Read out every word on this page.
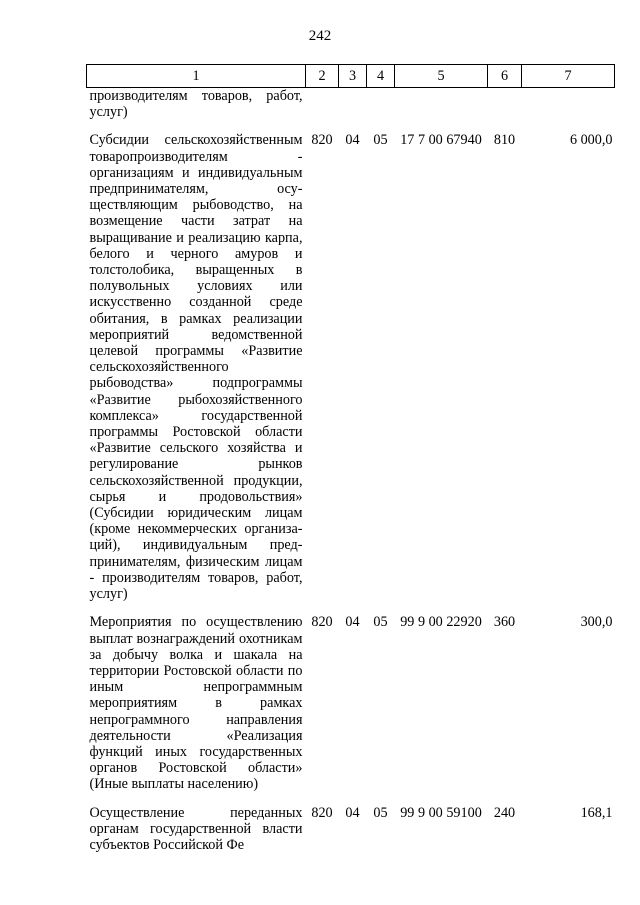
242
1	2	3	4	5	6	7
производителям товаров, работ, услуг)						

Субсидии сельскохозяйственным товаропроизводителям - организациям и индивидуальным предпринимателям, осуществляющим рыбоводство, на возмещение части затрат на выращивание и реализацию карпа, белого и черного амуров и толстолобика, выращенных в полувольных условиях или искусственно созданной среде обитания, в рамках реализации мероприятий ведомственной целевой программы «Развитие сельскохозяйственного рыбоводства» подпрограммы «Развитие рыбохозяйственного комплекса» государственной программы Ростовской области «Развитие сельского хозяйства и регулирование рынков сельскохозяйственной продукции, сырья и продовольствия» (Субсидии юридическим лицам (кроме некоммерческих организаций), индивидуальным предпринимателям, физическим лицам - производителям товаров, работ, услуг)	820	04	05	17 7 00 67940	810	6 000,0

Мероприятия по осуществлению выплат вознаграждений охотникам за добычу волка и шакала на территории Ростовской области по иным непрограммным мероприятиям в рамках непрограммного направления деятельности «Реализация функций иных государственных органов Ростовской области» (Иные выплаты населению)	820	04	05	99 9 00 22920	360	300,0

Осуществление переданных органам государственной власти субъектов Российской Фе	820	04	05	99 9 00 59100	240	168,1
